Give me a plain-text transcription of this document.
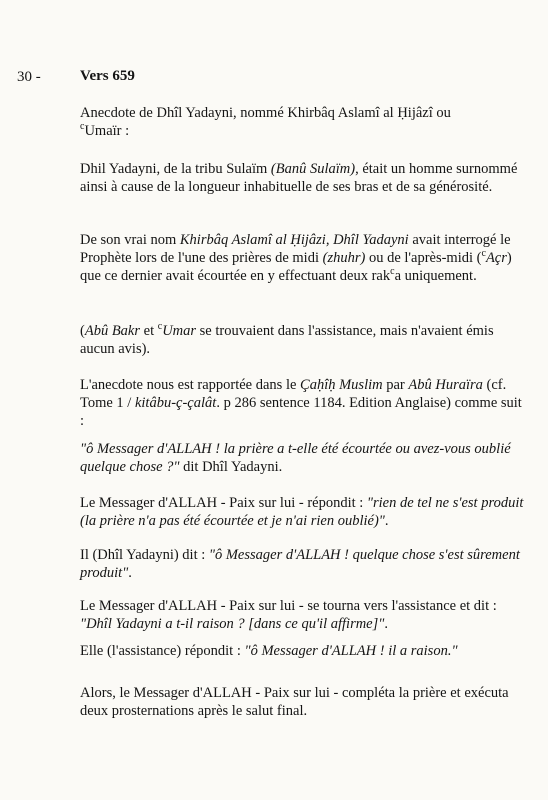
30 -	Vers 659
Anecdote de Dhîl Yadayni, nommé Khirbâq Aslamî al Ḥijâzî ou
$^c$Umaïr :
Dhil Yadayni, de la tribu Sulaïm (Banû Sulaïm), était un homme surnommé ainsi à cause de la longueur inhabituelle de ses bras et de sa générosité.
De son vrai nom Khirbâq Aslamî al Ḥijâzi, Dhîl Yadayni avait interrogé le Prophète lors de l'une des prières de midi (zhuhr) ou de l'après-midi ($^c$Açr) que ce dernier avait écourtée en y effectuant deux rak$^c$a uniquement.
(Abû Bakr et $^c$Umar se trouvaient dans l'assistance, mais n'avaient émis aucun avis).
L'anecdote nous est rapportée dans le Çaḥîḥ Muslim par Abû Huraïra (cf. Tome 1 / kitâbu-ç-çalât. p 286 sentence 1184. Edition Anglaise) comme suit :
"ô Messager d'ALLAH ! la prière a t-elle été écourtée ou avez-vous oublié quelque chose ?" dit Dhîl Yadayni.
Le Messager d'ALLAH - Paix sur lui - répondit : "rien de tel ne s'est produit (la prière n'a pas été écourtée et je n'ai rien oublié)".
Il (Dhîl Yadayni) dit : "ô Messager d'ALLAH ! quelque chose s'est sûrement produit".
Le Messager d'ALLAH - Paix sur lui - se tourna vers l'assistance et dit : "Dhîl Yadayni a t-il raison ? [dans ce qu'il affirme]".
Elle (l'assistance) répondit : "ô Messager d'ALLAH ! il a raison."
Alors, le Messager d'ALLAH - Paix sur lui - compléta la prière et exécuta deux prosternations après le salut final.
